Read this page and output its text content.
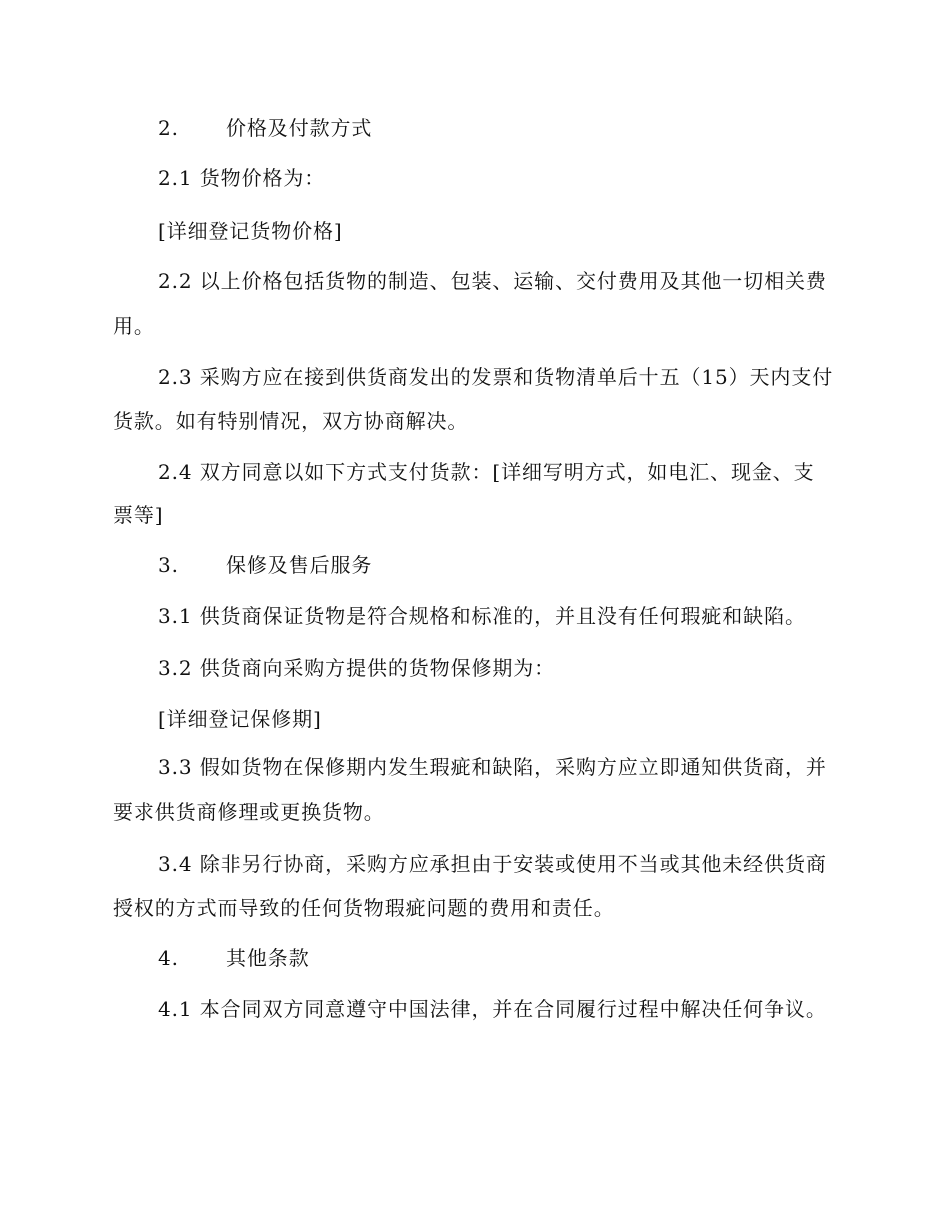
2. 价格及付款方式
2.1 货物价格为：
[详细登记货物价格]
2.2 以上价格包括货物的制造、包装、运输、交付费用及其他一切相关费
用。
2.3 采购方应在接到供货商发出的发票和货物清单后十五（15）天内支付
货款。如有特别情况，双方协商解决。
2.4 双方同意以如下方式支付货款：[详细写明方式，如电汇、现金、支
票等]
3. 保修及售后服务
3.1 供货商保证货物是符合规格和标准的，并且没有任何瑕疵和缺陷。
3.2 供货商向采购方提供的货物保修期为：
[详细登记保修期]
3.3 假如货物在保修期内发生瑕疵和缺陷，采购方应立即通知供货商，并
要求供货商修理或更换货物。
3.4 除非另行协商，采购方应承担由于安装或使用不当或其他未经供货商
授权的方式而导致的任何货物瑕疵问题的费用和责任。
4. 其他条款
4.1 本合同双方同意遵守中国法律，并在合同履行过程中解决任何争议。
